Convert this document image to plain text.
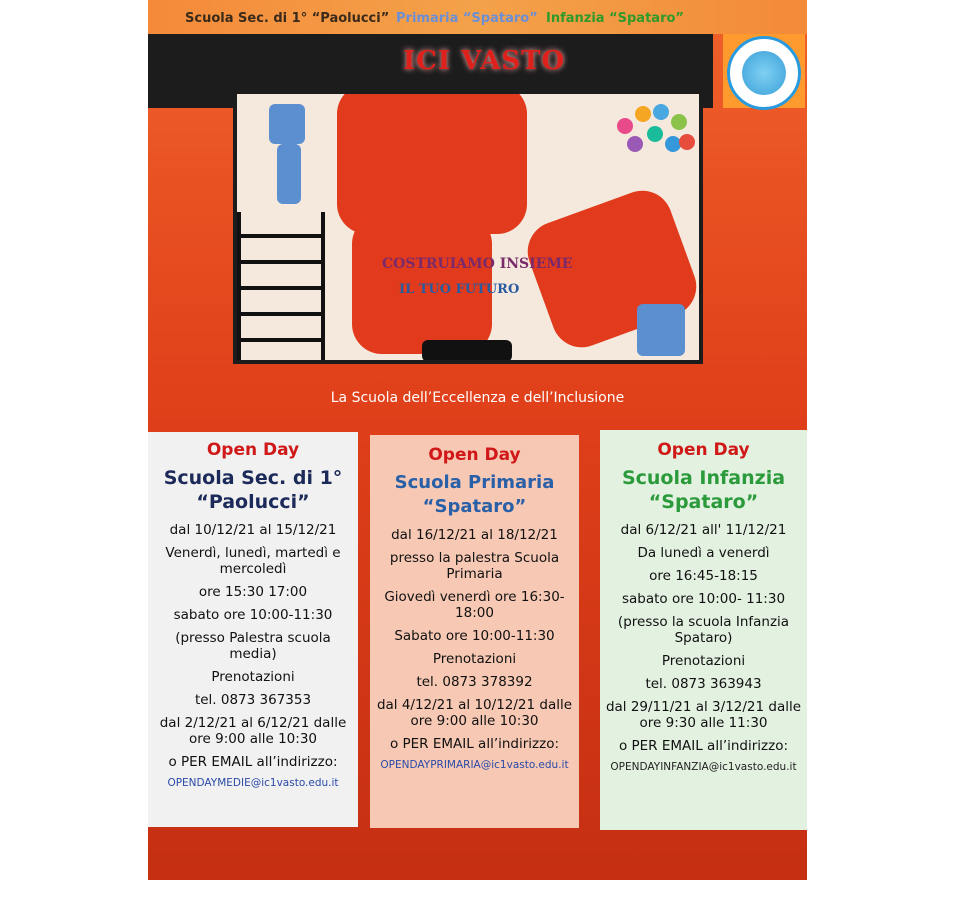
Scuola Sec. di 1° “Paolucci” Primaria “Spataro” Infanzia “Spataro”
COSTRUIAMO INSIEME
IL TUO FUTURO
ICI VASTO
La Scuola dell’Eccellenza e dell’Inclusione
Open Day
Scuola Sec. di 1°
“Paolucci”
dal 10/12/21 al 15/12/21
Venerdì, lunedì, martedì e mercoledì
ore 15:30 17:00
sabato ore 10:00-11:30
(presso Palestra scuola media)
Prenotazioni
tel. 0873 367353
dal 2/12/21 al 6/12/21 dalle ore 9:00 alle 10:30
o PER EMAIL all’indirizzo:
OPENDAYMEDIE@ic1vasto.edu.it
Open Day
Scuola Primaria
“Spataro”
dal 16/12/21 al 18/12/21
presso la palestra Scuola Primaria
Giovedì venerdì ore 16:30-18:00
Sabato ore 10:00-11:30
Prenotazioni
tel. 0873 378392
dal 4/12/21 al 10/12/21 dalle ore 9:00 alle 10:30
o PER EMAIL all’indirizzo:
OPENDAYPRIMARIA@ic1vasto.edu.it
Open Day
Scuola Infanzia
“Spataro”
dal 6/12/21 all' 11/12/21
Da lunedì a venerdì
ore 16:45-18:15
sabato ore 10:00- 11:30
(presso la scuola Infanzia Spataro)
Prenotazioni
tel. 0873 363943
dal 29/11/21 al 3/12/21 dalle ore 9:30 alle 11:30
o PER EMAIL all’indirizzo:
OPENDAYINFANZIA@ic1vasto.edu.it
